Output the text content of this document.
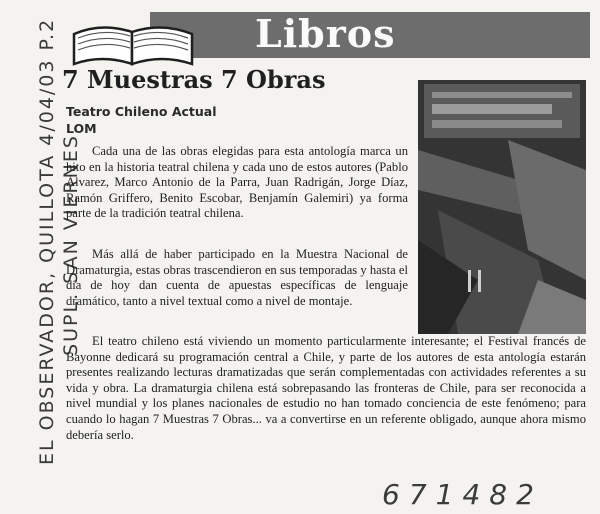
EL OBSERVADOR, QUILLOTA 4/04/03 P.2 SUPL. SAN VIERNES
Libros
7 Muestras 7 Obras
Teatro Chileno Actual
LOM

Cada una de las obras elegidas para esta antología marca un hito en la historia teatral chilena y cada uno de estos autores (Pablo Álvarez, Marco Antonio de la Parra, Juan Radrigán, Jorge Díaz, Ramón Griffero, Benito Escobar, Benjamín Galemiri) ya forma parte de la tradición teatral chilena.

Más allá de haber participado en la Muestra Nacional de Dramaturgia, estas obras trascendieron en sus temporadas y hasta el día de hoy dan cuenta de apuestas específicas de lenguaje dramático, tanto a nivel textual como a nivel de montaje.

El teatro chileno está viviendo un momento particularmente interesante; el Festival francés de Bayonne dedicará su programación central a Chile, y parte de los autores de esta antología estarán presentes realizando lecturas dramatizadas que serán complementadas con actividades referentes a su vida y obra. La dramaturgia chilena está sobrepasando las fronteras de Chile, para ser reconocida a nivel mundial y los planes nacionales de estudio no han tomado conciencia de este fenómeno; para cuando lo hagan 7 Muestras 7 Obras... va a convertirse en un referente obligado, aunque ahora mismo debería serlo.

671482
